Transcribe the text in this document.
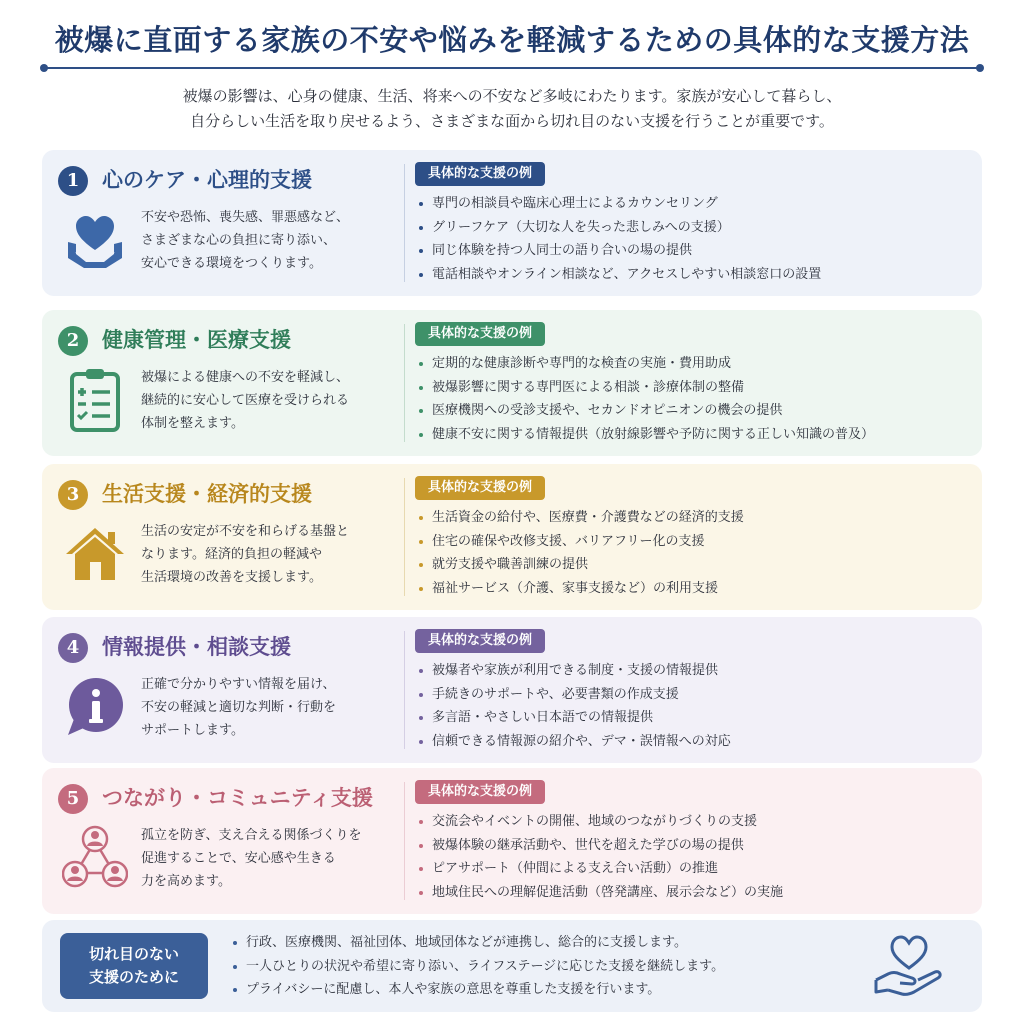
被爆に直面する家族の不安や悩みを軽減するための具体的な支援方法
被爆の影響は、心身の健康、生活、将来への不安など多岐にわたります。家族が安心して暮らし、
自分らしい生活を取り戻せるよう、さまざまな面から切れ目のない支援を行うことが重要です。
1	心のケア・心理的支援
不安や恐怖、喪失感、罪悪感など、
さまざまな心の負担に寄り添い、
安心できる環境をつくります。
具体的な支援の例
専門の相談員や臨床心理士によるカウンセリング
グリーフケア（大切な人を失った悲しみへの支援）
同じ体験を持つ人同士の語り合いの場の提供
電話相談やオンライン相談など、アクセスしやすい相談窓口の設置
2	健康管理・医療支援
被爆による健康への不安を軽減し、
継続的に安心して医療を受けられる
体制を整えます。
具体的な支援の例
定期的な健康診断や専門的な検査の実施・費用助成
被爆影響に関する専門医による相談・診療体制の整備
医療機関への受診支援や、セカンドオピニオンの機会の提供
健康不安に関する情報提供（放射線影響や予防に関する正しい知識の普及）
3	生活支援・経済的支援
生活の安定が不安を和らげる基盤と
なります。経済的負担の軽減や
生活環境の改善を支援します。
具体的な支援の例
生活資金の給付や、医療費・介護費などの経済的支援
住宅の確保や改修支援、バリアフリー化の支援
就労支援や職善訓練の提供
福祉サービス（介護、家事支援など）の利用支援
4	情報提供・相談支援
正確で分かりやすい情報を届け、
不安の軽減と適切な判断・行動を
サポートします。
具体的な支援の例
被爆者や家族が利用できる制度・支援の情報提供
手続きのサポートや、必要書類の作成支援
多言語・やさしい日本語での情報提供
信頼できる情報源の紹介や、デマ・誤情報への対応
5	つながり・コミュニティ支援
孤立を防ぎ、支え合える関係づくりを
促進することで、安心感や生きる
力を高めます。
具体的な支援の例
交流会やイベントの開催、地域のつながりづくりの支援
被爆体験の継承活動や、世代を超えた学びの場の提供
ピアサポート（仲間による支え合い活動）の推進
地域住民への理解促進活動（啓発講座、展示会など）の実施
切れ目のない
支援のために
行政、医療機関、福祉団体、地域団体などが連携し、総合的に支援します。
一人ひとりの状況や希望に寄り添い、ライフステージに応じた支援を継続します。
プライバシーに配慮し、本人や家族の意思を尊重した支援を行います。
